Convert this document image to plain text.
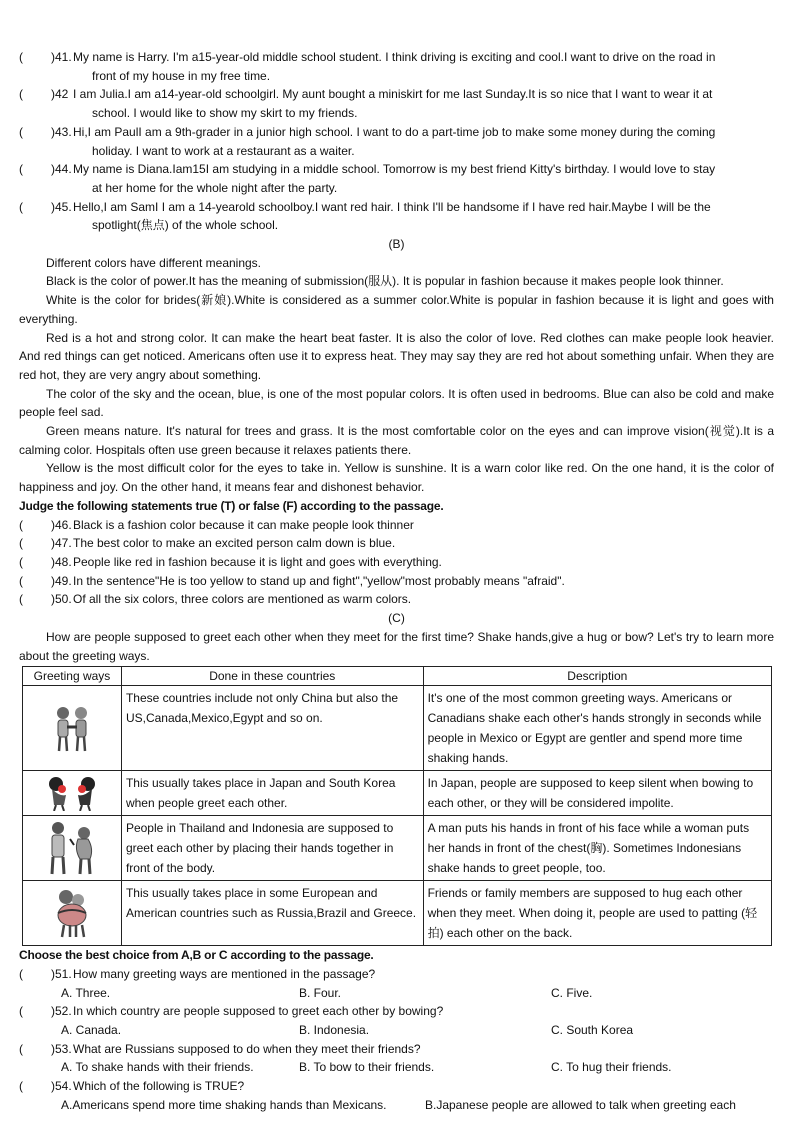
( )41. My name is Harry. I'm a15-year-old middle school student. I think driving is exciting and cool.I want to drive on the road in
front of my house in my free time.
( )42 I am Julia.I am a14-year-old schoolgirl. My aunt bought a miniskirt for me last Sunday.It is so nice that I want to wear it at
school. I would like to show my skirt to my friends.
( )43. Hi,I am PaulI am a 9th-grader in a junior high school. I want to do a part-time job to make some money during the coming
holiday. I want to work at a restaurant as a waiter.
( )44. My name is Diana.Iam15I am studying in a middle school. Tomorrow is my best friend Kitty's birthday. I would love to stay
at her home for the whole night after the party.
( )45. Hello,I am SamI I am a 14-yearold schoolboy.I want red hair. I think I'll be handsome if I have red hair.Maybe I will be the
spotlight(焦点) of the whole school.
(B)
Different colors have different meanings.
Black is the color of power.It has the meaning of submission(服从). It is popular in fashion because it makes people look thinner.
White is the color for brides(新娘).White is considered as a summer color.White is popular in fashion because it is light and goes with everything.
Red is a hot and strong color. It can make the heart beat faster. It is also the color of love. Red clothes can make people look heavier. And red things can get noticed. Americans often use it to express heat. They may say they are red hot about something unfair. When they are red hot, they are very angry about something.
The color of the sky and the ocean, blue, is one of the most popular colors. It is often used in bedrooms. Blue can also be cold and make people feel sad.
Green means nature. It's natural for trees and grass. It is the most comfortable color on the eyes and can improve vision(视觉).It is a calming color. Hospitals often use green because it relaxes patients there.
Yellow is the most difficult color for the eyes to take in. Yellow is sunshine. It is a warn color like red. On the one hand, it is the color of happiness and joy. On the other hand, it means fear and dishonest behavior.
Judge the following statements true (T) or false (F) according to the passage.
( )46. Black is a fashion color because it can make people look thinner
( )47. The best color to make an excited person calm down is blue.
( )48. People like red in fashion because it is light and goes with everything.
( )49. In the sentence"He is too yellow to stand up and fight","yellow"most probably means "afraid".
( )50. Of all the six colors, three colors are mentioned as warm colors.
(C)
How are people supposed to greet each other when they meet for the first time? Shake hands,give a hug or bow? Let's try to learn more about the greeting ways.
Greeting ways	Done in these countries	Description

	These countries include not only China but also the US,Canada,Mexico,Egypt and so on.	It's one of the most common greeting ways. Americans or Canadians shake each other's hands strongly in seconds while people in Mexico or Egypt are gentler and spend more time shaking hands.

	This usually takes place in Japan and South Korea when people greet each other.	In Japan, people are supposed to keep silent when bowing to each other, or they will be considered impolite.

	People in Thailand and Indonesia are supposed to greet each other by placing their hands together in front of the body.	A man puts his hands in front of his face while a woman puts her hands in front of the chest(胸). Sometimes Indonesians shake hands to greet people, too.

	This usually takes place in some European and American countries such as Russia,Brazil and Greece.	Friends or family members are supposed to hug each other when they meet. When doing it, people are used to patting (轻拍) each other on the back.
Choose the best choice from A,B or C according to the passage.
( )51. How many greeting ways are mentioned in the passage?
A. Three.	B. Four.	C. Five.
( )52. In which country are people supposed to greet each other by bowing?
A. Canada.	B. Indonesia.	C. South Korea
( )53. What are Russians supposed to do when they meet their friends?
A. To shake hands with their friends.	B. To bow to their friends.	C. To hug their friends.
( )54. Which of the following is TRUE?
A.Americans spend more time shaking hands than Mexicans.	B.Japanese people are allowed to talk when greeting each
